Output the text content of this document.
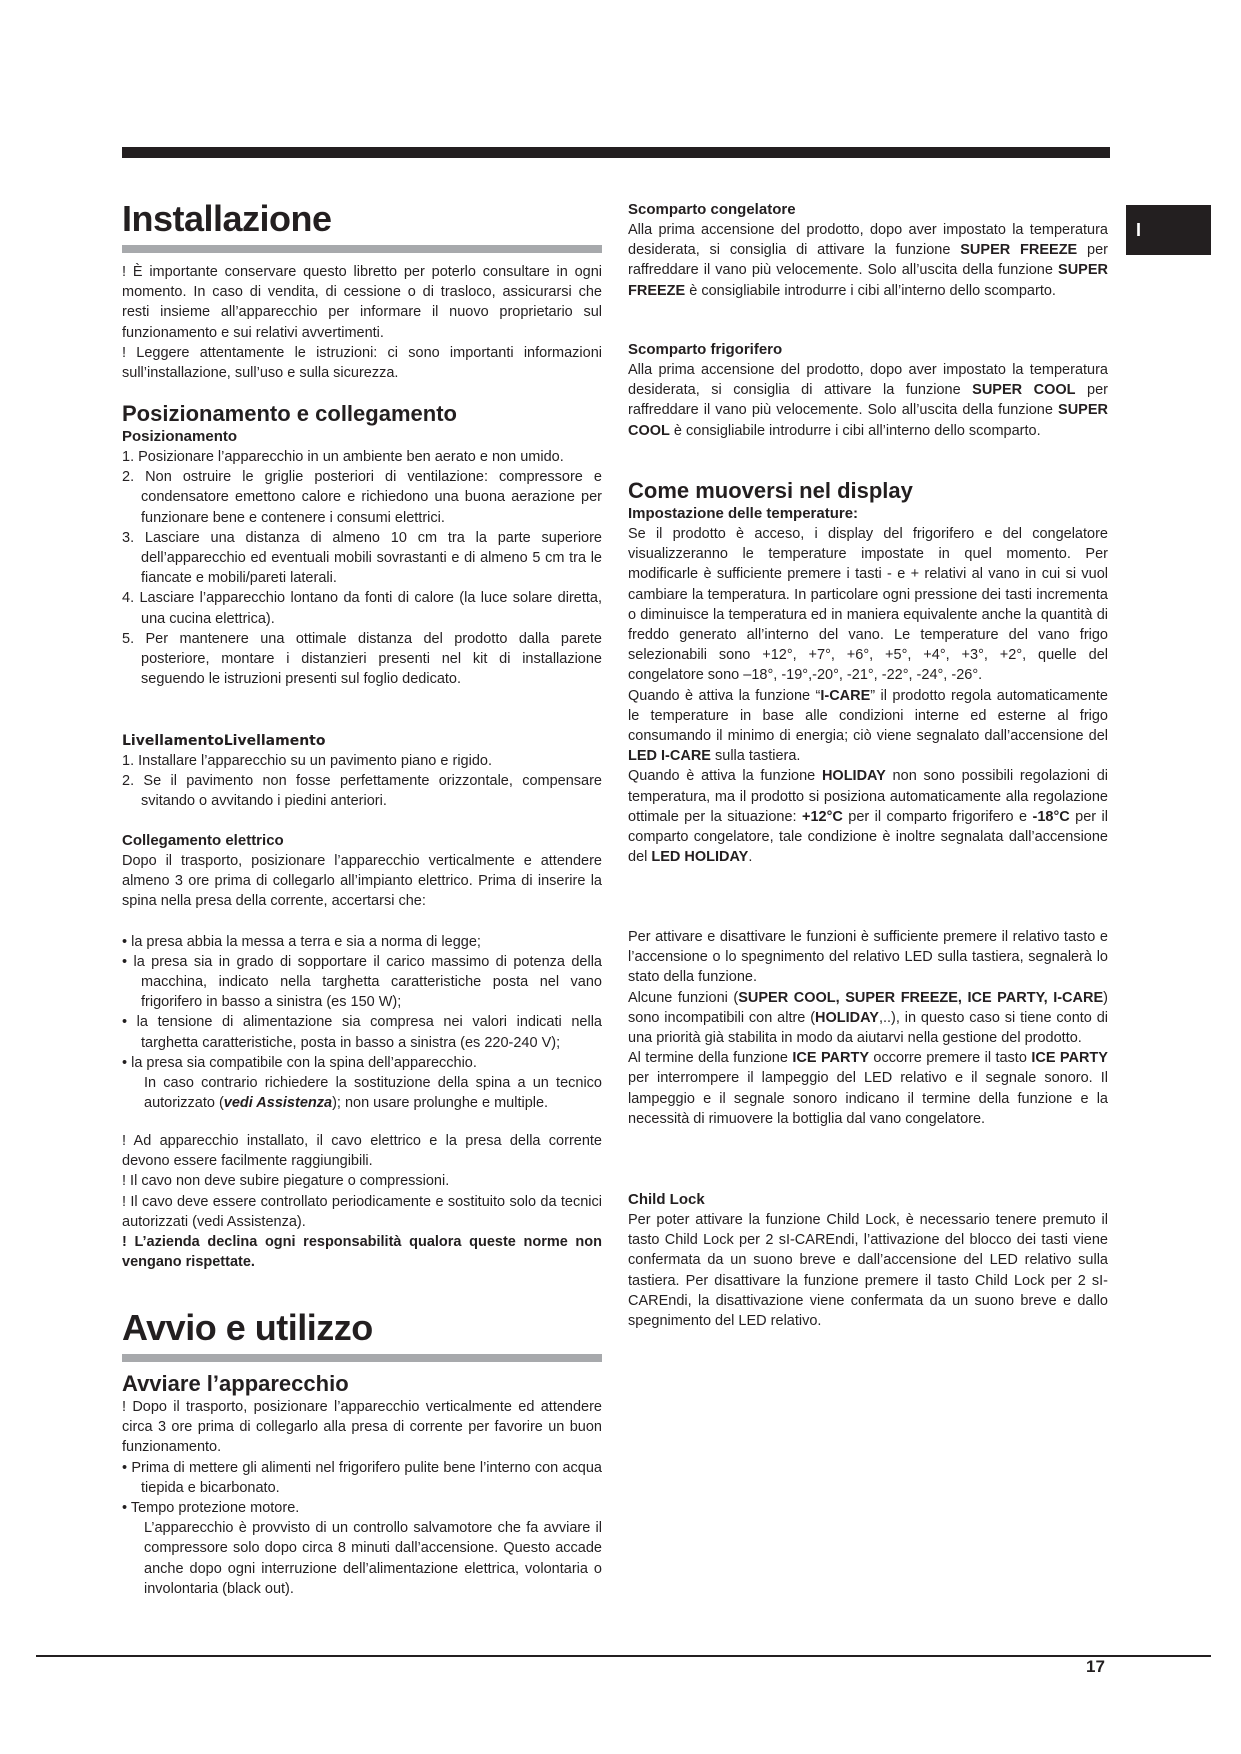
I
Installazione

! È importante conservare questo libretto per poterlo consultare in ogni momento. In caso di vendita, di cessione o di trasloco, assicurarsi che resti insieme all’apparecchio per informare il nuovo proprietario sul funzionamento e sui relativi avvertimenti.

! Leggere attentamente le istruzioni: ci sono importanti informazioni sull’installazione, sull’uso e sulla sicurezza.

Posizionamento e collegamento
Posizionamento
1. Posizionare l’apparecchio in un ambiente ben aerato e non umido.
2. Non ostruire le griglie posteriori di ventilazione: compressore e condensatore emettono calore e richiedono una buona aerazione per funzionare bene e contenere i consumi elettrici.
3. Lasciare una distanza di almeno 10 cm tra la parte superiore dell’apparecchio ed eventuali mobili sovrastanti e di almeno 5 cm tra le fiancate e mobili/pareti laterali.
4. Lasciare l’apparecchio lontano da fonti di calore (la luce solare diretta, una cucina elettrica).
5. Per mantenere una ottimale distanza del prodotto dalla parete posteriore, montare i distanzieri presenti nel kit di installazione seguendo le istruzioni presenti sul foglio dedicato.
LivellamentoLivellamento
1. Installare l’apparecchio su un pavimento piano e rigido.
2. Se il pavimento non fosse perfettamente orizzontale, compensare svitando o avvitando i piedini anteriori.
Collegamento elettrico

Dopo il trasporto, posizionare l’apparecchio verticalmente e attendere almeno 3 ore prima di collegarlo all’impianto elettrico. Prima di inserire la spina nella presa della corrente, accertarsi che:

• la presa abbia la messa a terra e sia a norma di legge;
• la presa sia in grado di sopportare il carico massimo di potenza della macchina, indicato nella targhetta caratteristiche posta nel vano frigorifero in basso a sinistra (es 150 W);
• la tensione di alimentazione sia compresa nei valori indicati nella targhetta caratteristiche, posta in basso a sinistra (es 220-240 V);
• la presa sia compatibile con la spina dell’apparecchio.

In caso contrario richiedere la sostituzione della spina a un tecnico autorizzato (vedi Assistenza); non usare prolunghe e multiple.

! Ad apparecchio installato, il cavo elettrico e la presa della corrente devono essere facilmente raggiungibili.

! Il cavo non deve subire piegature o compressioni.

! Il cavo deve essere controllato periodicamente e sostituito solo da tecnici autorizzati (vedi Assistenza).

! L’azienda declina ogni responsabilità qualora queste norme non vengano rispettate.

Avvio e utilizzo
Avviare l’apparecchio

! Dopo il trasporto, posizionare l’apparecchio verticalmente ed attendere circa 3 ore prima di collegarlo alla presa di corrente per favorire un buon funzionamento.

• Prima di mettere gli alimenti nel frigorifero pulite bene l’interno con acqua tiepida e bicarbonato.
• Tempo protezione motore.

L’apparecchio è provvisto di un controllo salvamotore che fa avviare il compressore solo dopo circa 8 minuti dall’accensione. Questo accade anche dopo ogni interruzione dell’alimentazione elettrica, volontaria o involontaria (black out).

Scomparto congelatore

Alla prima accensione del prodotto, dopo aver impostato la temperatura desiderata, si consiglia di attivare la funzione SUPER FREEZE per raffreddare il vano più velocemente. Solo all’uscita della funzione SUPER FREEZE è consigliabile introdurre i cibi all’interno dello scomparto.

Scomparto frigorifero

Alla prima accensione del prodotto, dopo aver impostato la temperatura desiderata, si consiglia di attivare la funzione SUPER COOL per raffreddare il vano più velocemente. Solo all’uscita della funzione SUPER COOL è consigliabile introdurre i cibi all’interno dello scomparto.

Come muoversi nel display
Impostazione delle temperature:

Se il prodotto è acceso, i display del frigorifero e del congelatore visualizzeranno le temperature impostate in quel momento. Per modificarle è sufficiente premere i tasti - e + relativi al vano in cui si vuol cambiare la temperatura. In particolare ogni pressione dei tasti incrementa o diminuisce la temperatura ed in maniera equivalente anche la quantità di freddo generato all’interno del vano. Le temperature del vano frigo selezionabili sono +12°, +7°, +6°, +5°, +4°, +3°, +2°, quelle del congelatore sono –18°, -19°,-20°, -21°, -22°, -24°, -26°.

Quando è attiva la funzione “I-CARE” il prodotto regola automaticamente le temperature in base alle condizioni interne ed esterne al frigo consumando il minimo di energia; ciò viene segnalato dall’accensione del LED I-CARE sulla tastiera.

Quando è attiva la funzione HOLIDAY non sono possibili regolazioni di temperatura, ma il prodotto si posiziona automaticamente alla regolazione ottimale per la situazione: +12°C per il comparto frigorifero e -18°C per il comparto congelatore, tale condizione è inoltre segnalata dall’accensione del LED HOLIDAY.

Per attivare e disattivare le funzioni è sufficiente premere il relativo tasto e l’accensione o lo spegnimento del relativo LED sulla tastiera, segnalerà lo stato della funzione.

Alcune funzioni (SUPER COOL, SUPER FREEZE, ICE PARTY, I-CARE) sono incompatibili con altre (HOLIDAY,..), in questo caso si tiene conto di una priorità già stabilita in modo da aiutarvi nella gestione del prodotto.

Al termine della funzione ICE PARTY occorre premere il tasto ICE PARTY per interrompere il lampeggio del LED relativo e il segnale sonoro. Il lampeggio e il segnale sonoro indicano il termine della funzione e la necessità di rimuovere la bottiglia dal vano congelatore.

Child Lock

Per poter attivare la funzione Child Lock, è necessario tenere premuto il tasto Child Lock per 2 sI-CAREndi, l’attivazione del blocco dei tasti viene confermata da un suono breve e dall’accensione del LED relativo sulla tastiera. Per disattivare la funzione premere il tasto Child Lock per 2 sI-CAREndi, la disattivazione viene confermata da un suono breve e dallo spegnimento del LED relativo.

17
